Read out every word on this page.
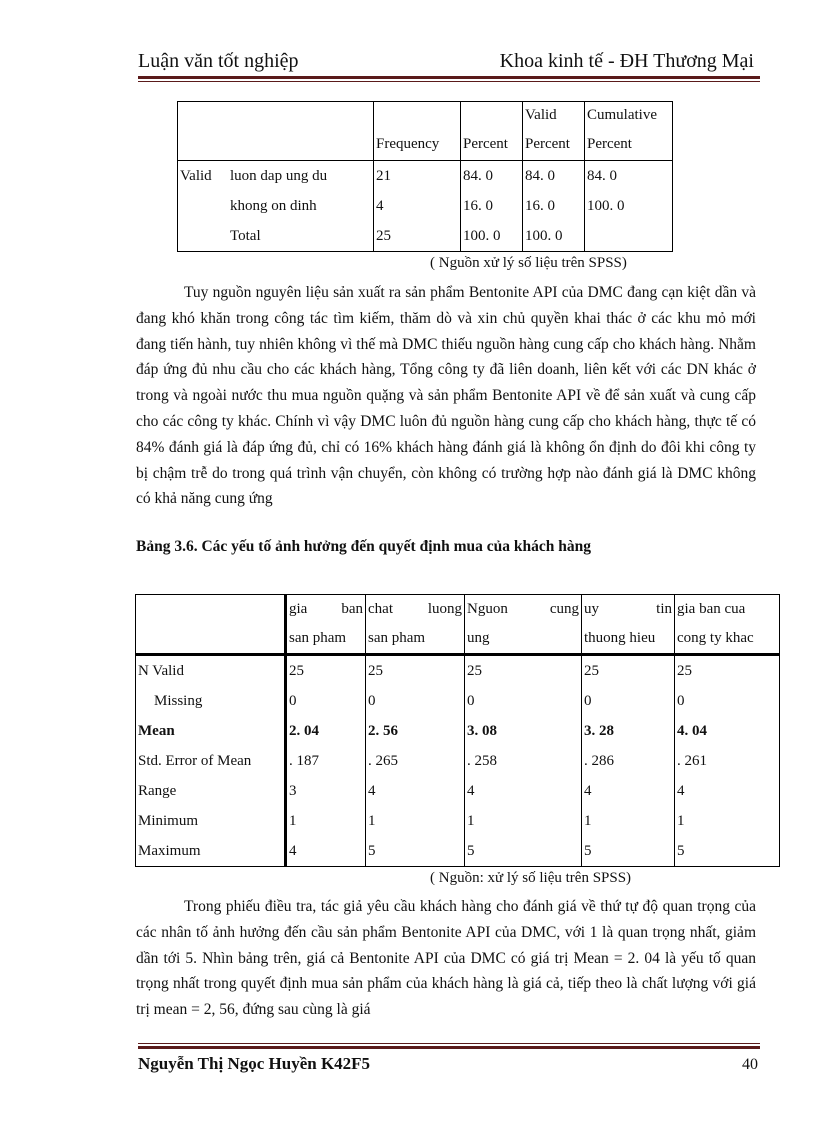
Luận văn tốt nghiệp	Khoa kinh tế - ĐH Thương Mại
				Valid	Cumulative
		Frequency	Percent	Percent	Percent
Valid	luon dap ung du	21	84. 0	84. 0	84. 0
	khong on dinh	4	16. 0	16. 0	100. 0
	Total	25	100. 0	100. 0	
( Nguồn xử lý số liệu trên SPSS)
Tuy nguồn nguyên liệu sản xuất ra sản phẩm Bentonite API của DMC đang cạn kiệt dần và đang khó khăn trong công tác tìm kiếm, thăm dò và xin chủ quyền khai thác ở các khu mỏ mới đang tiến hành, tuy nhiên không vì thế mà DMC thiếu nguồn hàng cung cấp cho khách hàng. Nhằm đáp ứng đủ nhu cầu cho các khách hàng, Tổng công ty đã liên doanh, liên kết với các DN khác ở trong và ngoài nước thu mua nguồn quặng và sản phẩm Bentonite API về để sản xuất và cung cấp cho các công ty khác. Chính vì vậy DMC luôn đủ nguồn hàng cung cấp cho khách hàng, thực tế có 84% đánh giá là đáp ứng đủ, chỉ có 16% khách hàng đánh giá là không ổn định do đôi khi công ty bị chậm trễ do trong quá trình vận chuyển, còn không có trường hợp nào đánh giá là DMC không có khả năng cung ứng
Bảng 3.6. Các yếu tố ảnh hưởng đến quyết định mua của khách hàng

	gia ban	chat luong	Nguon cung	uy tin	gia ban cua
	san pham	san pham	ung	thuong hieu	cong ty khac
N Valid	25	25	25	25	25
Missing	0	0	0	0	0
Mean	2. 04	2. 56	3. 08	3. 28	4. 04
Std. Error of Mean	. 187	. 265	. 258	. 286	. 261
Range	3	4	4	4	4
Minimum	1	1	1	1	1
Maximum	4	5	5	5	5
( Nguồn: xử lý số liệu trên SPSS)
Trong phiếu điều tra, tác giả yêu cầu khách hàng cho đánh giá về thứ tự độ quan trọng của các nhân tố ảnh hưởng đến cầu sản phẩm Bentonite API của DMC, với 1 là quan trọng nhất, giảm dần tới 5. Nhìn bảng trên, giá cả Bentonite API của DMC có giá trị Mean = 2. 04 là yếu tố quan trọng nhất trong quyết định mua sản phẩm của khách hàng là giá cả, tiếp theo là chất lượng với giá trị mean = 2, 56, đứng sau cùng là giá
Nguyễn Thị Ngọc Huyền K42F5	40
